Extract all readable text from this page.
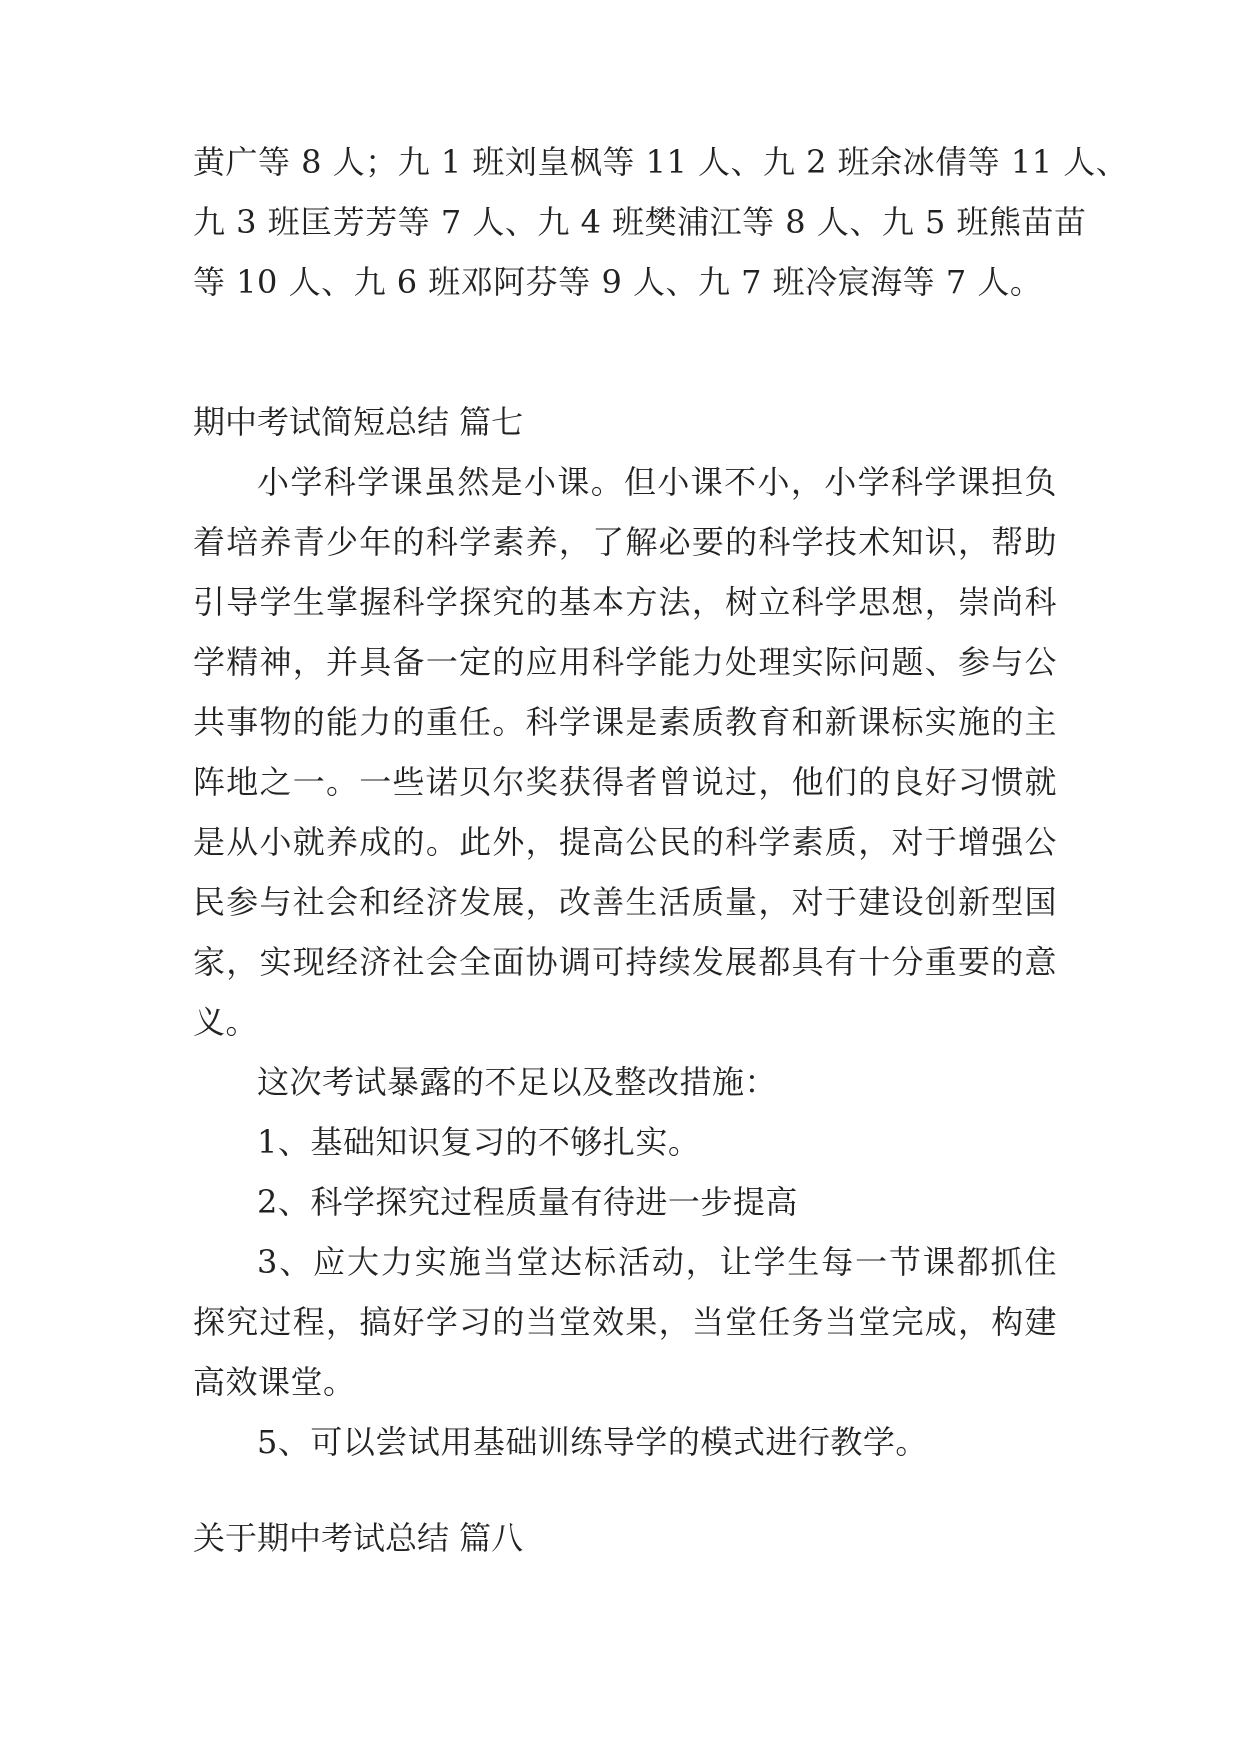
黄广等 8 人；九 1 班刘皇枫等 11 人、九 2 班余冰倩等 11 人、
九 3 班匡芳芳等 7 人、九 4 班樊浦江等 8 人、九 5 班熊苗苗
等 10 人、九 6 班邓阿芬等 9 人、九 7 班冷宸海等 7 人。
期中考试简短总结 篇七

小学科学课虽然是小课。但小课不小，小学科学课担负着培养青少年的科学素养，了解必要的科学技术知识，帮助引导学生掌握科学探究的基本方法，树立科学思想，崇尚科学精神，并具备一定的应用科学能力处理实际问题、参与公共事物的能力的重任。科学课是素质教育和新课标实施的主阵地之一。一些诺贝尔奖获得者曾说过，他们的良好习惯就是从小就养成的。此外，提高公民的科学素质，对于增强公民参与社会和经济发展，改善生活质量，对于建设创新型国家，实现经济社会全面协调可持续发展都具有十分重要的意义。

这次考试暴露的不足以及整改措施：

1、基础知识复习的不够扎实。

2、科学探究过程质量有待进一步提高

3、应大力实施当堂达标活动，让学生每一节课都抓住探究过程，搞好学习的当堂效果，当堂任务当堂完成，构建高效课堂。

5、可以尝试用基础训练导学的模式进行教学。

关于期中考试总结 篇八
